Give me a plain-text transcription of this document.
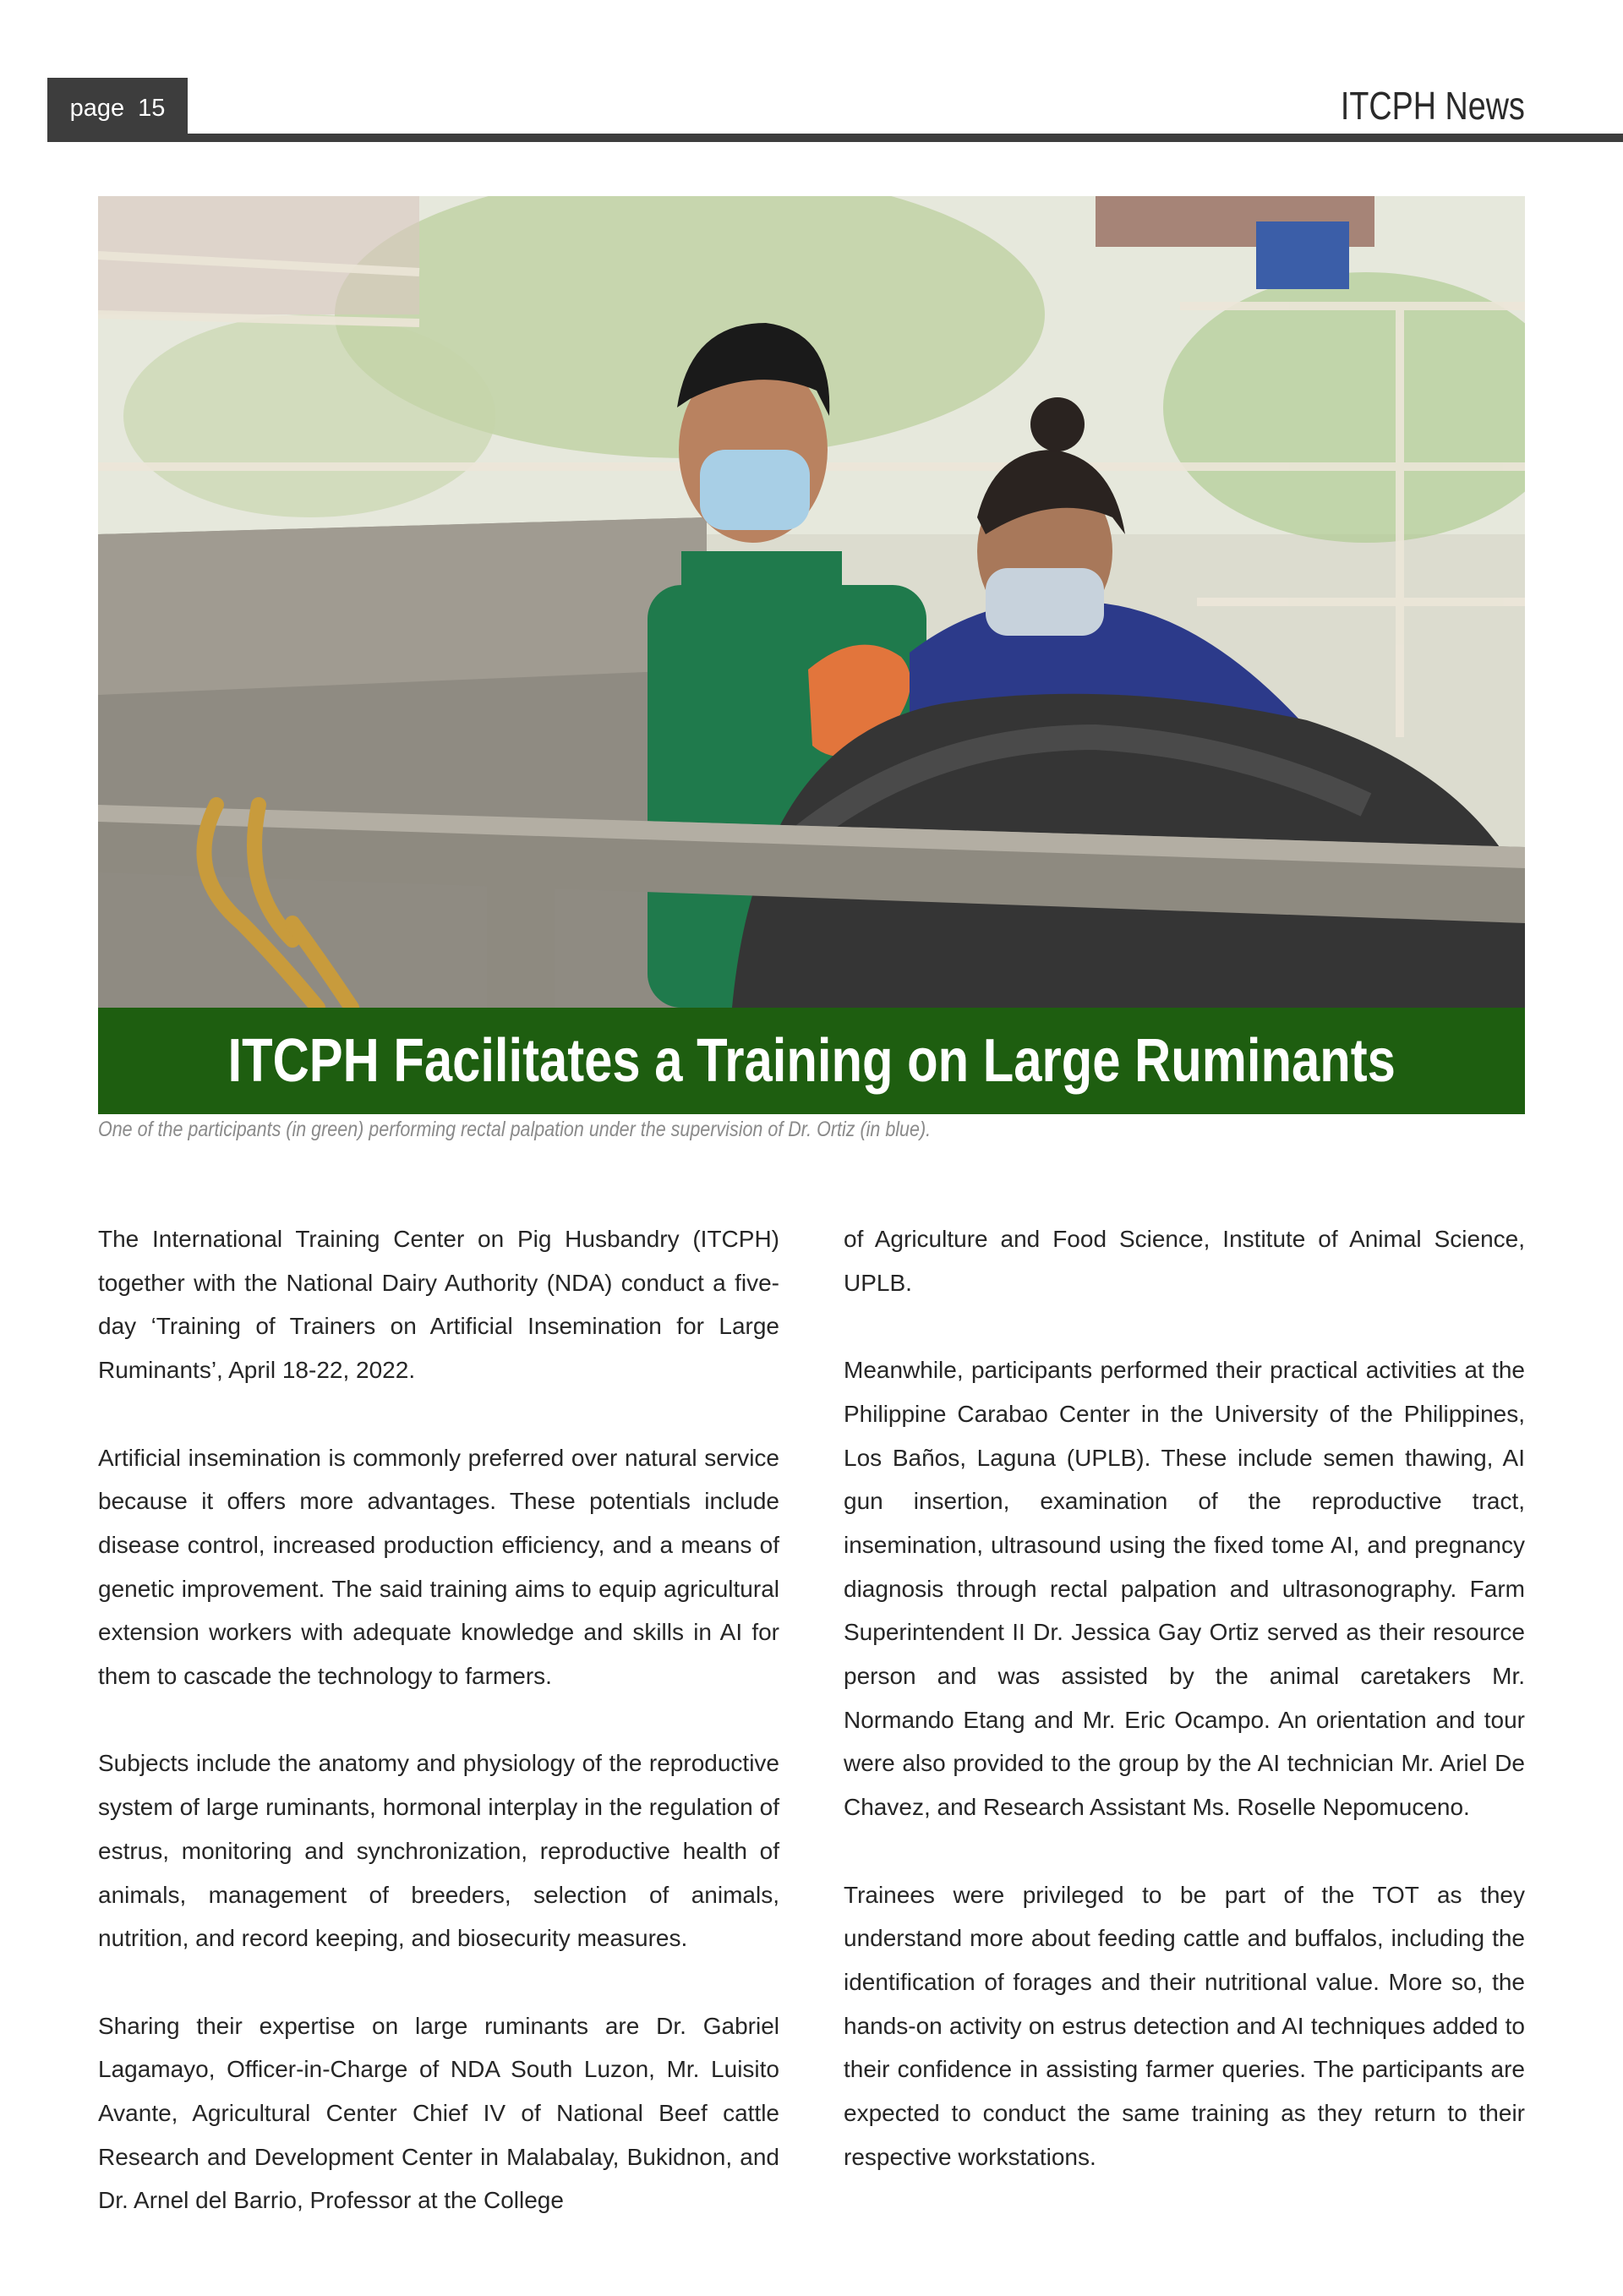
page 15	ITCPH News
ITCPH Facilitates a Training on Large Ruminants
One of the participants (in green) performing rectal palpation under the supervision of Dr. Ortiz (in blue).

The International Training Center on Pig Husbandry (ITCPH) together with the National Dairy Authority (NDA) conduct a five-day ‘Training of Trainers on Artificial Insemination for Large Ruminants’, April 18-22, 2022.

Artificial insemination is commonly preferred over natural service because it offers more advantages. These potentials include disease control, increased production efficiency, and a means of genetic improvement. The said training aims to equip agricultural extension workers with adequate knowledge and skills in AI for them to cascade the technology to farmers.

Subjects include the anatomy and physiology of the reproductive system of large ruminants, hormonal interplay in the regulation of estrus, monitoring and synchronization, reproductive health of animals, management of breeders, selection of animals, nutrition, and record keeping, and biosecurity measures.

Sharing their expertise on large ruminants are Dr. Gabriel Lagamayo, Officer-in-Charge of NDA South Luzon, Mr. Luisito Avante, Agricultural Center Chief IV of National Beef cattle Research and Development Center in Malabalay, Bukidnon, and Dr. Arnel del Barrio, Professor at the College

of Agriculture and Food Science, Institute of Animal Science, UPLB.

Meanwhile, participants performed their practical activities at the Philippine Carabao Center in the University of the Philippines, Los Baños, Laguna (UPLB). These include semen thawing, AI gun insertion, examination of the reproductive tract, insemination, ultrasound using the fixed tome AI, and pregnancy diagnosis through rectal palpation and ultrasonography. Farm Superintendent II Dr. Jessica Gay Ortiz served as their resource person and was assisted by the animal caretakers Mr. Normando Etang and Mr. Eric Ocampo. An orientation and tour were also provided to the group by the AI technician Mr. Ariel De Chavez, and Research Assistant Ms. Roselle Nepomuceno.

Trainees were privileged to be part of the TOT as they understand more about feeding cattle and buffalos, including the identification of forages and their nutritional value. More so, the hands-on activity on estrus detection and AI techniques added to their confidence in assisting farmer queries. The participants are expected to conduct the same training as they return to their respective workstations.
